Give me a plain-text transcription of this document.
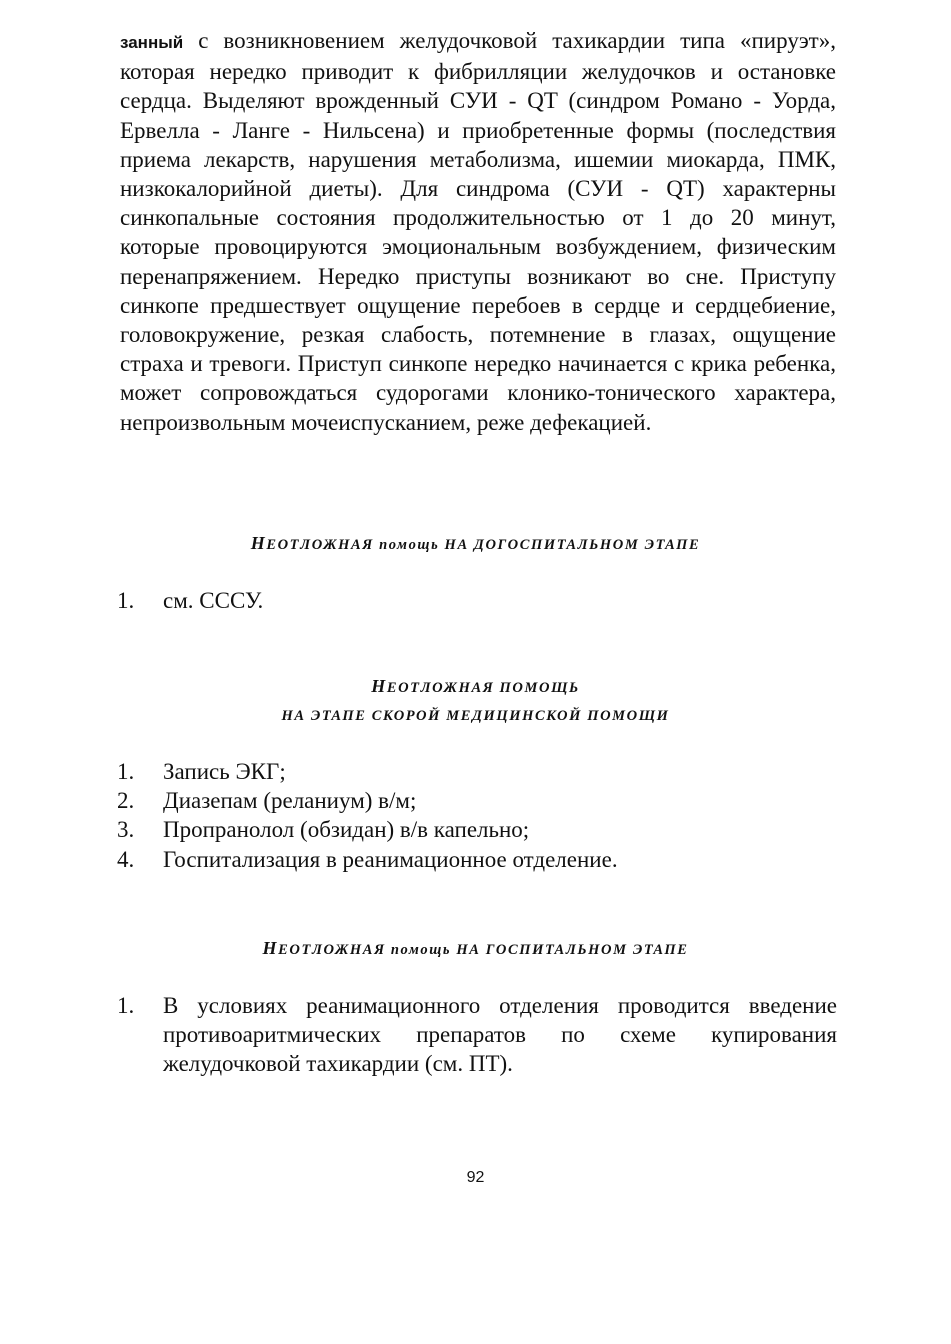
занный с возникновением желудочковой тахикардии типа «пируэт», которая нередко приводит к фибрилляции желудочков и остановке сердца. Выделяют врожденный СУИ - QT (синдром Романо - Уорда, Ервелла - Ланге - Нильсена) и приобретенные формы (последствия приема лекарств, нарушения метаболизма, ишемии миокарда, ПМК, низкокалорийной диеты). Для синдрома (СУИ - QT) характерны синкопальные состояния продолжительностью от 1 до 20 минут, которые провоцируются эмоциональным возбуждением, физическим перенапряжением. Нередко приступы возникают во сне. Приступу синкопе предшествует ощущение перебоев в сердце и сердцебиение, головокружение, резкая слабость, потемнение в глазах, ощущение страха и тревоги. Приступ синкопе нередко начинается с крика ребенка, может сопровождаться судорогами клонико-тонического характера, непроизвольным мочеиспусканием, реже дефекацией.

НЕОТЛОЖНАЯ помощь НА ДОГОСПИТАЛЬНОМ ЭТАПЕ
1. см. СССУ.
НЕОТЛОЖНАЯ ПОМОЩЬ
НА ЭТАПЕ СКОРОЙ МЕДИЦИНСКОЙ ПОМОЩИ
1. Запись ЭКГ;
2. Диазепам (реланиум) в/м;
3. Пропранолол (обзидан) в/в капельно;
4. Госпитализация в реанимационное отделение.
НЕОТЛОЖНАЯ помощь НА ГОСПИТАЛЬНОМ ЭТАПЕ
1. В условиях реанимационного отделения проводится введение противоаритмических препаратов по схеме купирования желудочковой тахикардии (см. ПТ).
92
